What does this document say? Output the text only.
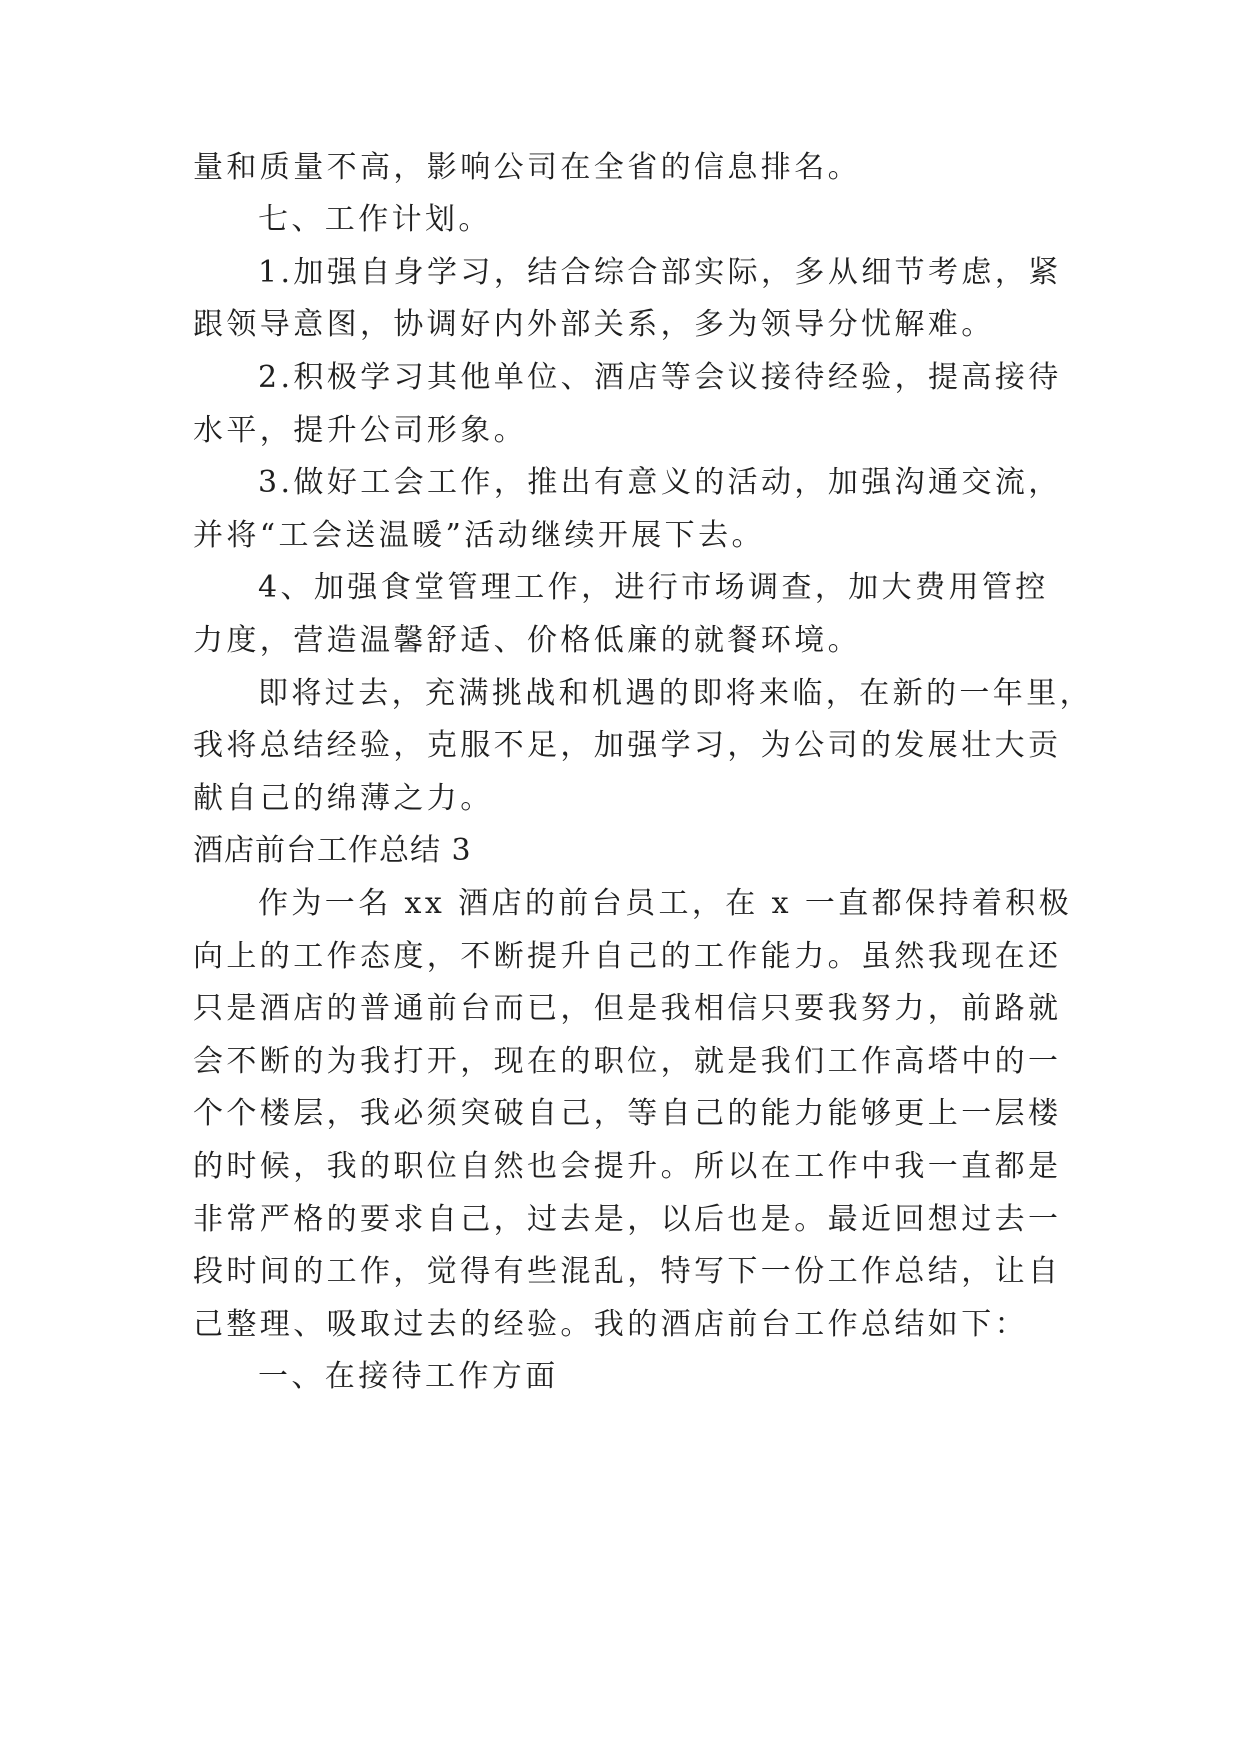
量和质量不高，影响公司在全省的信息排名。
七、工作计划。
1.加强自身学习，结合综合部实际，多从细节考虑，紧
跟领导意图，协调好内外部关系，多为领导分忧解难。
2.积极学习其他单位、酒店等会议接待经验，提高接待
水平，提升公司形象。
3.做好工会工作，推出有意义的活动，加强沟通交流，
并将“工会送温暖”活动继续开展下去。
4、加强食堂管理工作，进行市场调查，加大费用管控
力度，营造温馨舒适、价格低廉的就餐环境。
即将过去，充满挑战和机遇的即将来临，在新的一年里，
我将总结经验，克服不足，加强学习，为公司的发展壮大贡
献自己的绵薄之力。
酒店前台工作总结 3
作为一名 xx 酒店的前台员工，在 x 一直都保持着积极
向上的工作态度，不断提升自己的工作能力。虽然我现在还
只是酒店的普通前台而已，但是我相信只要我努力，前路就
会不断的为我打开，现在的职位，就是我们工作高塔中的一
个个楼层，我必须突破自己，等自己的能力能够更上一层楼
的时候，我的职位自然也会提升。所以在工作中我一直都是
非常严格的要求自己，过去是，以后也是。最近回想过去一
段时间的工作，觉得有些混乱，特写下一份工作总结，让自
己整理、吸取过去的经验。我的酒店前台工作总结如下：
一、在接待工作方面
